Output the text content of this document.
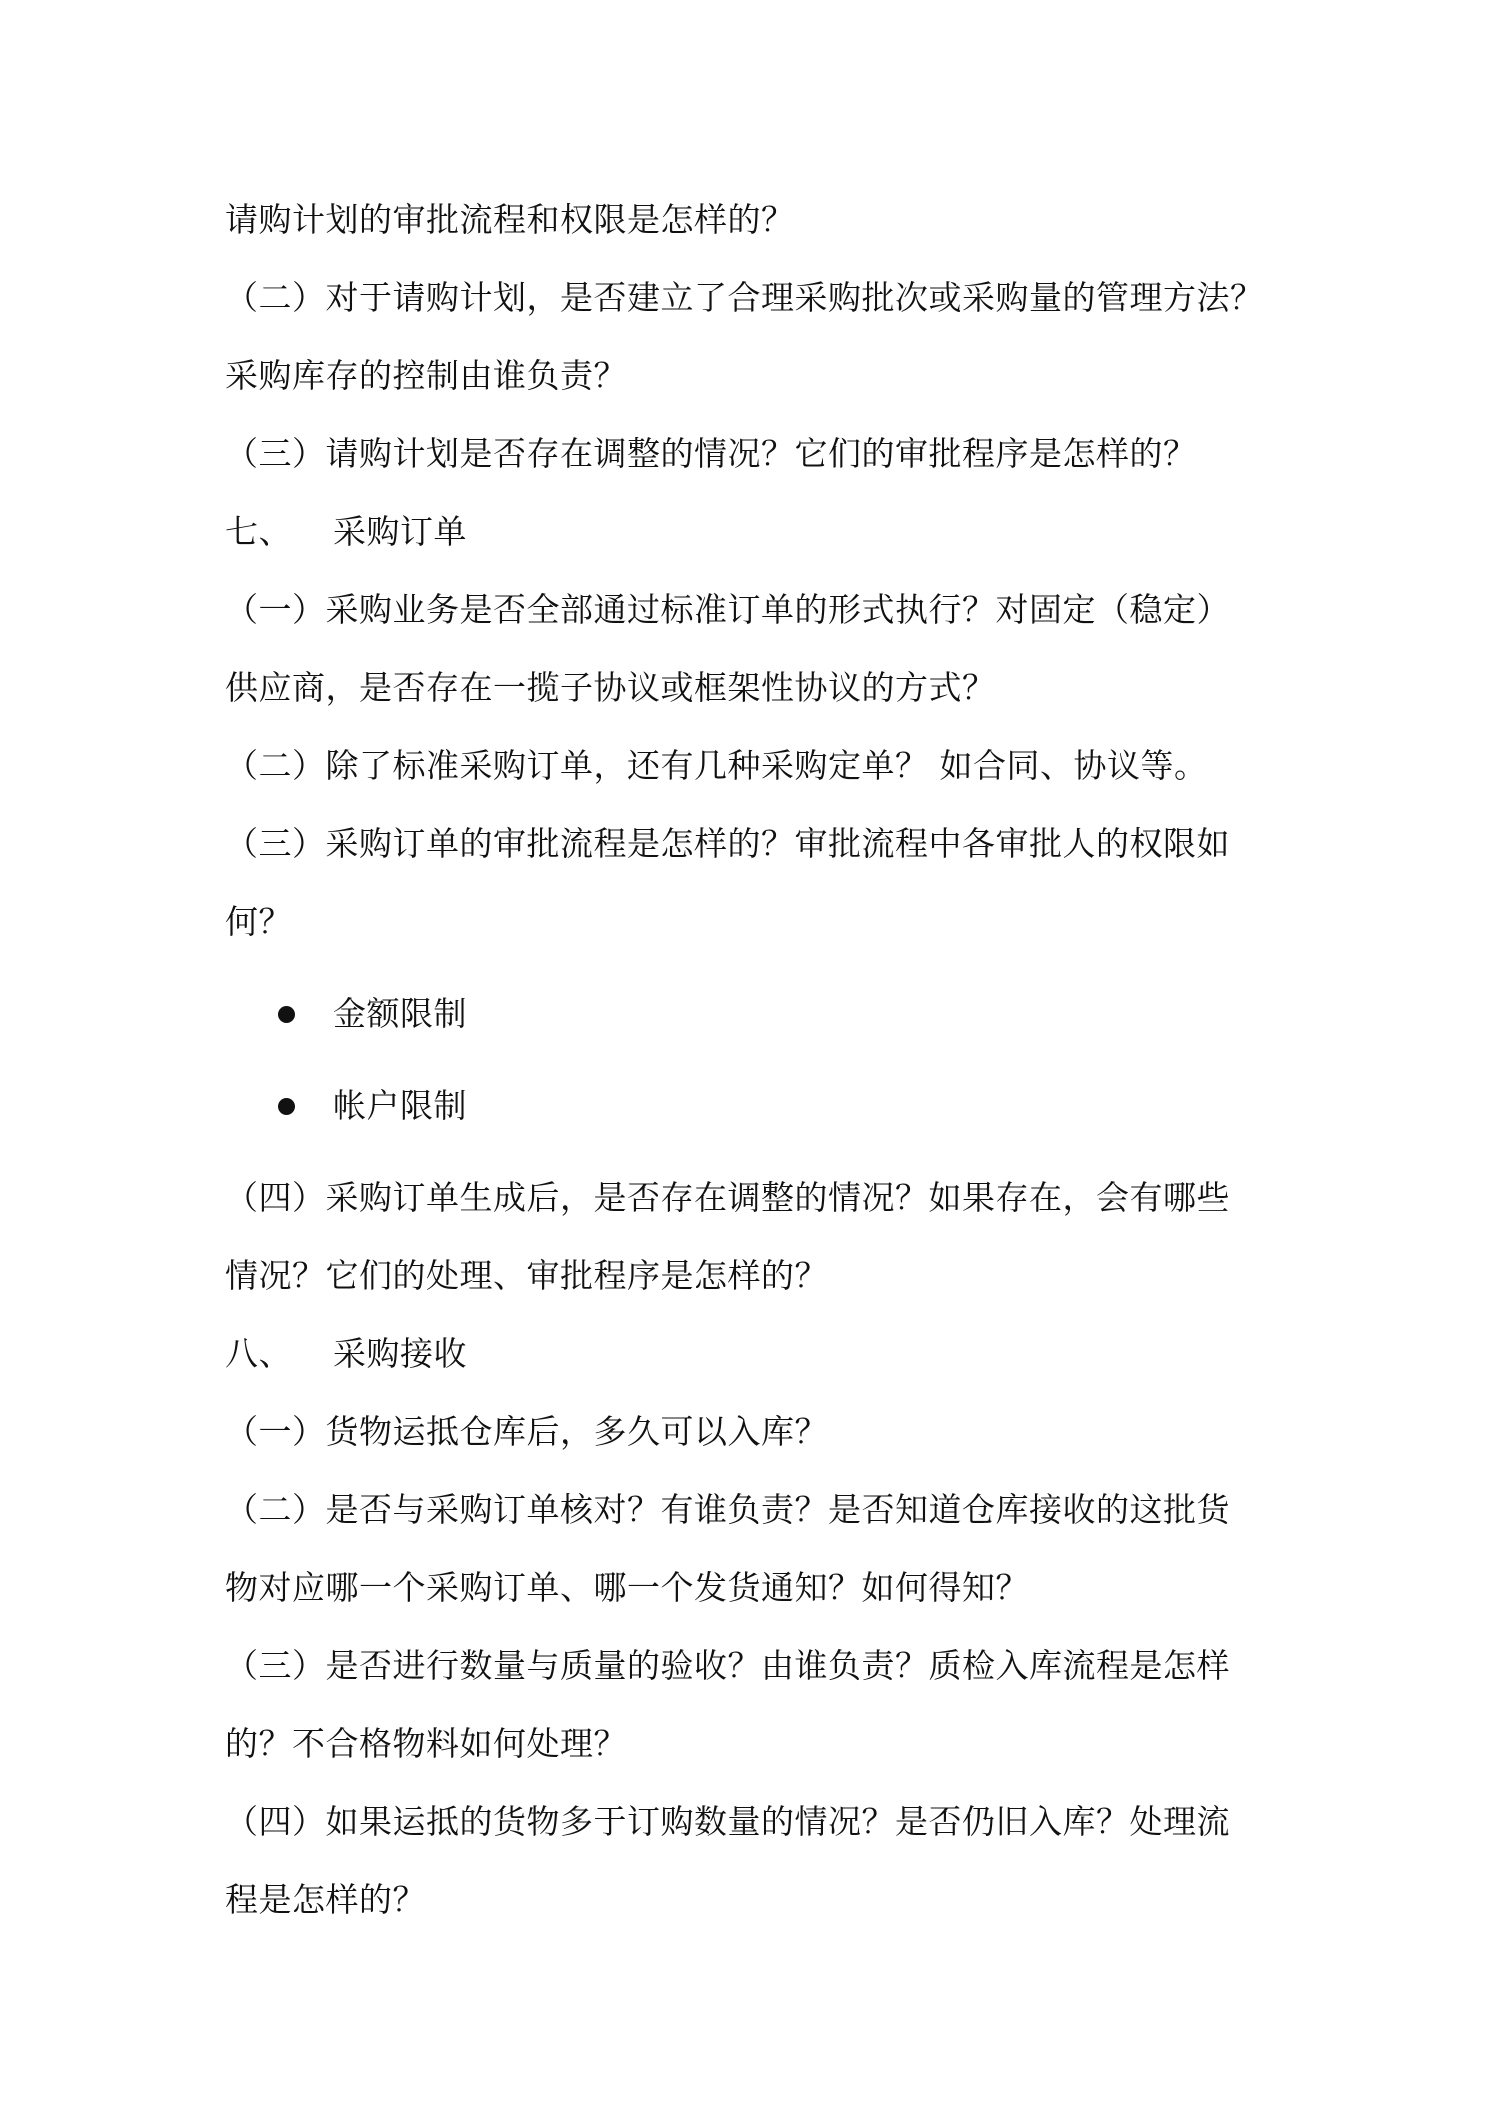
请购计划的审批流程和权限是怎样的？
（二）对于请购计划，是否建立了合理采购批次或采购量的管理方法？
采购库存的控制由谁负责？
（三）请购计划是否存在调整的情况？它们的审批程序是怎样的？
七、 采购订单
（一）采购业务是否全部通过标准订单的形式执行？对固定（稳定）
供应商，是否存在一揽子协议或框架性协议的方式？
（二）除了标准采购订单，还有几种采购定单？ 如合同、协议等。
（三）采购订单的审批流程是怎样的？审批流程中各审批人的权限如
何？
金额限制
帐户限制
（四）采购订单生成后，是否存在调整的情况？如果存在，会有哪些
情况？它们的处理、审批程序是怎样的？
八、 采购接收
（一）货物运抵仓库后，多久可以入库？
（二）是否与采购订单核对？有谁负责？是否知道仓库接收的这批货
物对应哪一个采购订单、哪一个发货通知？如何得知？
（三）是否进行数量与质量的验收？由谁负责？质检入库流程是怎样
的？不合格物料如何处理？
（四）如果运抵的货物多于订购数量的情况？是否仍旧入库？处理流
程是怎样的？
